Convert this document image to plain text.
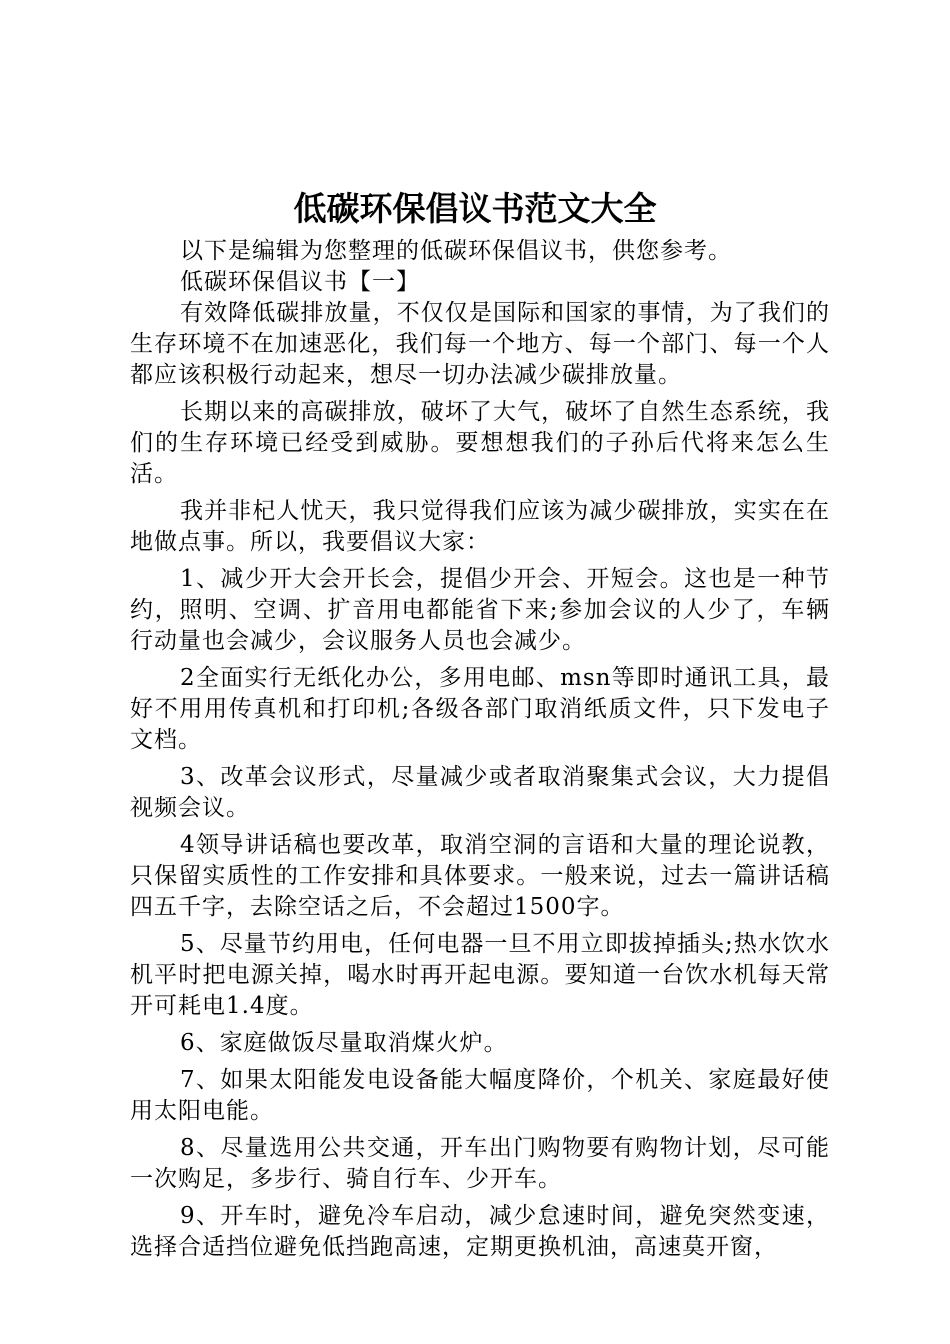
低碳环保倡议书范文大全

以下是编辑为您整理的低碳环保倡议书，供您参考。

低碳环保倡议书【一】

有效降低碳排放量，不仅仅是国际和国家的事情，为了我们的生存环境不在加速恶化，我们每一个地方、每一个部门、每一个人都应该积极行动起来，想尽一切办法减少碳排放量。

长期以来的高碳排放，破坏了大气，破坏了自然生态系统，我们的生存环境已经受到威胁。要想想我们的子孙后代将来怎么生活。

我并非杞人忧天，我只觉得我们应该为减少碳排放，实实在在地做点事。所以，我要倡议大家：

1、减少开大会开长会，提倡少开会、开短会。这也是一种节约，照明、空调、扩音用电都能省下来;参加会议的人少了，车辆行动量也会减少，会议服务人员也会减少。

2全面实行无纸化办公，多用电邮、msn等即时通讯工具，最好不用用传真机和打印机;各级各部门取消纸质文件，只下发电子文档。

3、改革会议形式，尽量减少或者取消聚集式会议，大力提倡视频会议。

4领导讲话稿也要改革，取消空洞的言语和大量的理论说教，只保留实质性的工作安排和具体要求。一般来说，过去一篇讲话稿四五千字，去除空话之后，不会超过1500字。

5、尽量节约用电，任何电器一旦不用立即拔掉插头;热水饮水机平时把电源关掉，喝水时再开起电源。要知道一台饮水机每天常开可耗电1.4度。

6、家庭做饭尽量取消煤火炉。

7、如果太阳能发电设备能大幅度降价，个机关、家庭最好使用太阳电能。

8、尽量选用公共交通，开车出门购物要有购物计划，尽可能一次购足，多步行、骑自行车、少开车。

9、开车时，避免冷车启动，减少怠速时间，避免突然变速，选择合适挡位避免低挡跑高速，定期更换机油，高速莫开窗，
